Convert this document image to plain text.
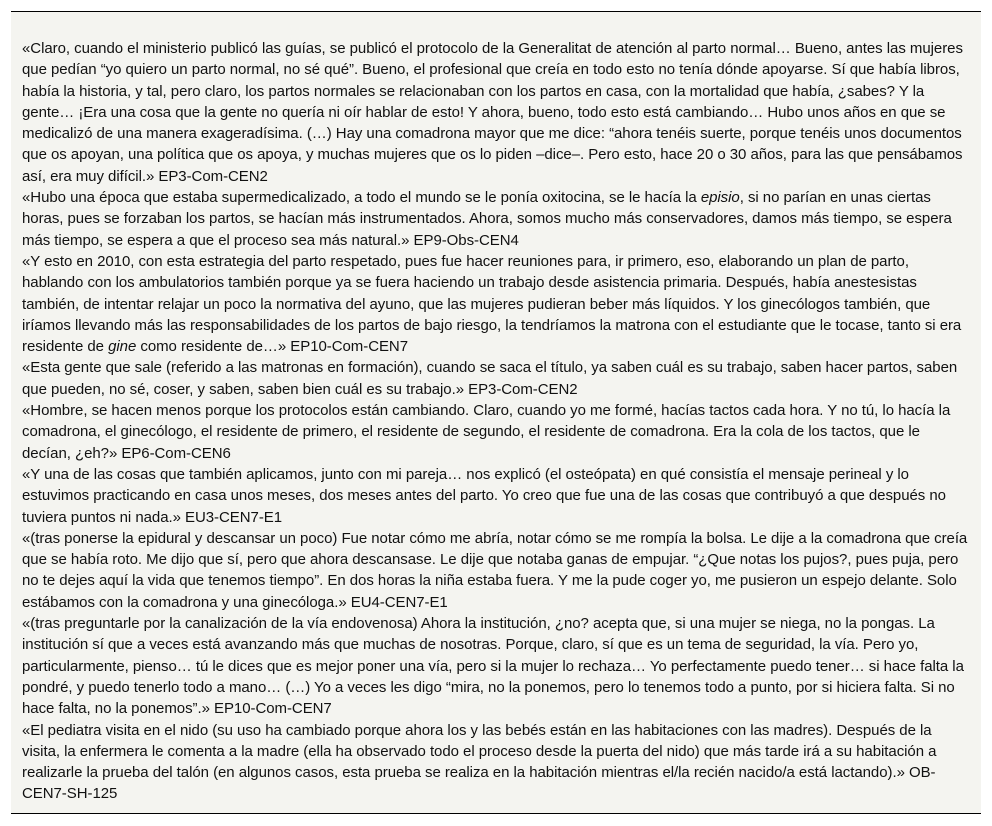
«Claro, cuando el ministerio publicó las guías, se publicó el protocolo de la Generalitat de atención al parto normal… Bueno, antes las mujeres que pedían “yo quiero un parto normal, no sé qué”. Bueno, el profesional que creía en todo esto no tenía dónde apoyarse. Sí que había libros, había la historia, y tal, pero claro, los partos normales se relacionaban con los partos en casa, con la mortalidad que había, ¿sabes? Y la gente… ¡Era una cosa que la gente no quería ni oír hablar de esto! Y ahora, bueno, todo esto está cambiando… Hubo unos años en que se medicalizó de una manera exageradísima. (…) Hay una comadrona mayor que me dice: “ahora tenéis suerte, porque tenéis unos documentos que os apoyan, una política que os apoya, y muchas mujeres que os lo piden –dice–. Pero esto, hace 20 o 30 años, para las que pensábamos así, era muy difícil.» EP3-Com-CEN2

«Hubo una época que estaba supermedicalizado, a todo el mundo se le ponía oxitocina, se le hacía la episio, si no parían en unas ciertas horas, pues se forzaban los partos, se hacían más instrumentados. Ahora, somos mucho más conservadores, damos más tiempo, se espera más tiempo, se espera a que el proceso sea más natural.» EP9-Obs-CEN4

«Y esto en 2010, con esta estrategia del parto respetado, pues fue hacer reuniones para, ir primero, eso, elaborando un plan de parto, hablando con los ambulatorios también porque ya se fuera haciendo un trabajo desde asistencia primaria. Después, había anestesistas también, de intentar relajar un poco la normativa del ayuno, que las mujeres pudieran beber más líquidos. Y los ginecólogos también, que iríamos llevando más las responsabilidades de los partos de bajo riesgo, la tendríamos la matrona con el estudiante que le tocase, tanto si era residente de gine como residente de…» EP10-Com-CEN7

«Esta gente que sale (referido a las matronas en formación), cuando se saca el título, ya saben cuál es su trabajo, saben hacer partos, saben que pueden, no sé, coser, y saben, saben bien cuál es su trabajo.» EP3-Com-CEN2

«Hombre, se hacen menos porque los protocolos están cambiando. Claro, cuando yo me formé, hacías tactos cada hora. Y no tú, lo hacía la comadrona, el ginecólogo, el residente de primero, el residente de segundo, el residente de comadrona. Era la cola de los tactos, que le decían, ¿eh?» EP6-Com-CEN6

«Y una de las cosas que también aplicamos, junto con mi pareja… nos explicó (el osteópata) en qué consistía el mensaje perineal y lo estuvimos practicando en casa unos meses, dos meses antes del parto. Yo creo que fue una de las cosas que contribuyó a que después no tuviera puntos ni nada.» EU3-CEN7-E1

«(tras ponerse la epidural y descansar un poco) Fue notar cómo me abría, notar cómo se me rompía la bolsa. Le dije a la comadrona que creía que se había roto. Me dijo que sí, pero que ahora descansase. Le dije que notaba ganas de empujar. “¿Que notas los pujos?, pues puja, pero no te dejes aquí la vida que tenemos tiempo”. En dos horas la niña estaba fuera. Y me la pude coger yo, me pusieron un espejo delante. Solo estábamos con la comadrona y una ginecóloga.» EU4-CEN7-E1

«(tras preguntarle por la canalización de la vía endovenosa) Ahora la institución, ¿no? acepta que, si una mujer se niega, no la pongas. La institución sí que a veces está avanzando más que muchas de nosotras. Porque, claro, sí que es un tema de seguridad, la vía. Pero yo, particularmente, pienso… tú le dices que es mejor poner una vía, pero si la mujer lo rechaza… Yo perfectamente puedo tener… si hace falta la pondré, y puedo tenerlo todo a mano… (…) Yo a veces les digo “mira, no la ponemos, pero lo tenemos todo a punto, por si hiciera falta. Si no hace falta, no la ponemos”.» EP10-Com-CEN7

«El pediatra visita en el nido (su uso ha cambiado porque ahora los y las bebés están en las habitaciones con las madres). Después de la visita, la enfermera le comenta a la madre (ella ha observado todo el proceso desde la puerta del nido) que más tarde irá a su habitación a realizarle la prueba del talón (en algunos casos, esta prueba se realiza en la habitación mientras el/la recién nacido/a está lactando).» OB-CEN7-SH-125
